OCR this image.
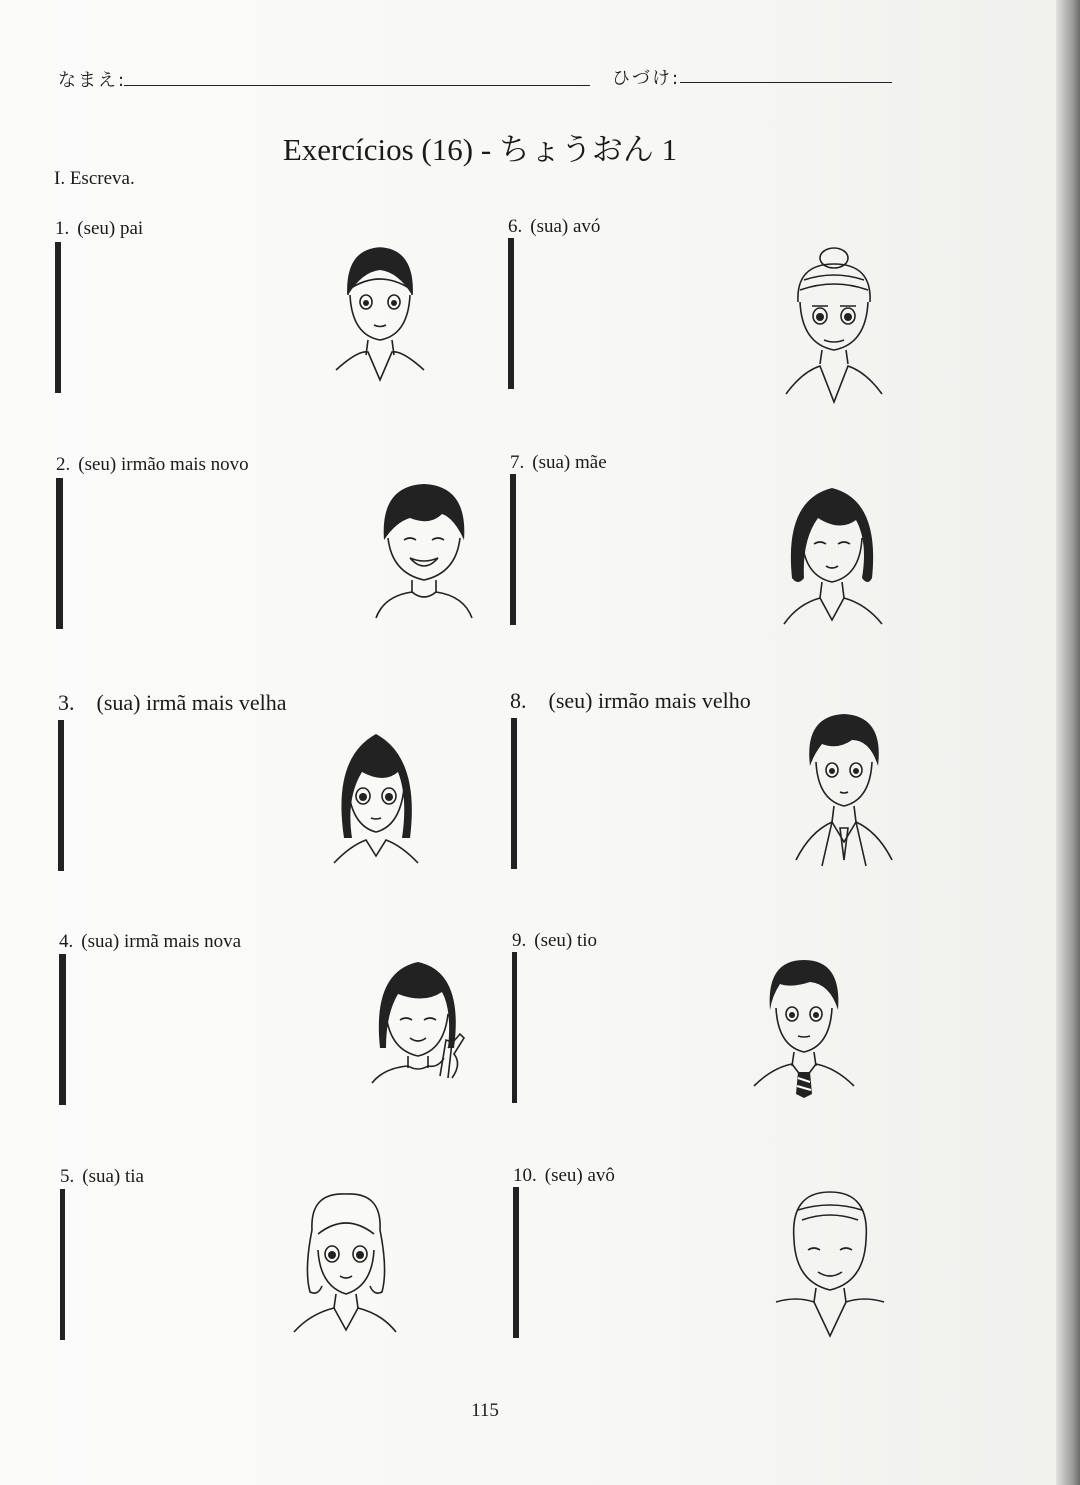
なまえ:	ひづけ:
Exercícios (16) - ちょうおん 1
I. Escreva.
1. (seu) pai

2. (seu) irmão mais novo

3. (sua) irmã mais velha

4. (sua) irmã mais nova

5. (sua) tia

6. (sua) avó

7. (sua) mãe

8. (seu) irmão mais velho

9. (seu) tio

10. (seu) avô

115
